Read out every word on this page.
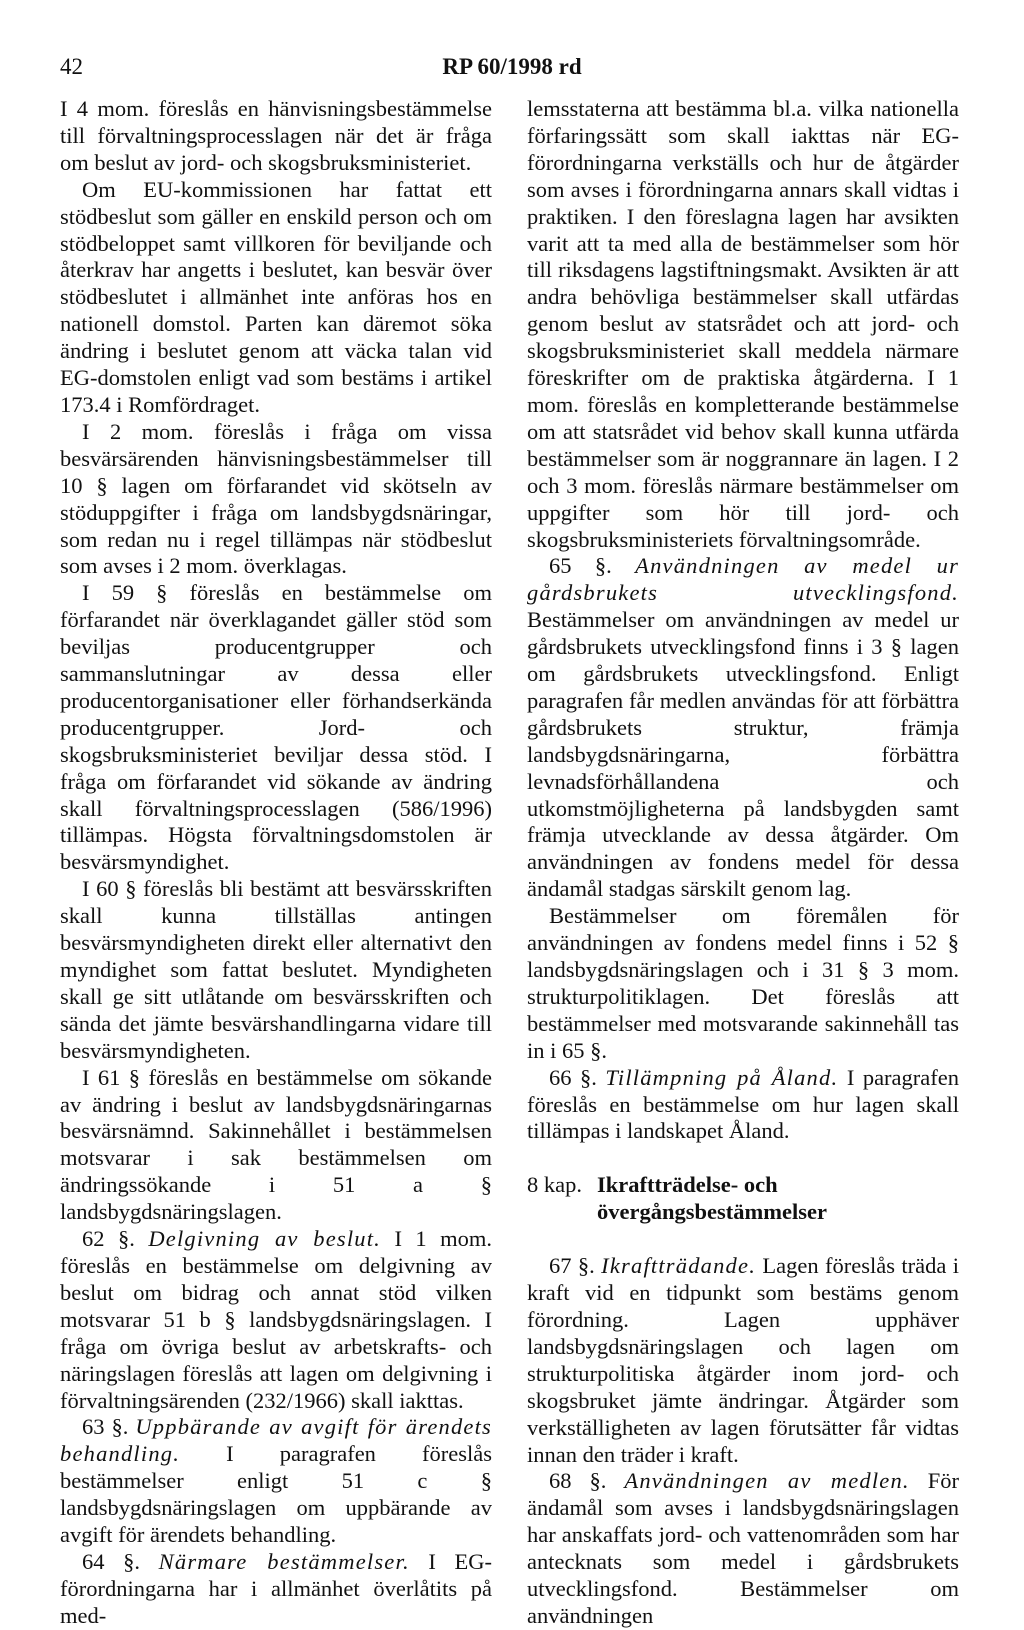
42	RP 60/1998 rd

I 4 mom. föreslås en hänvisningsbestämmelse till förvaltningsprocesslagen när det är fråga om beslut av jord- och skogsbruksministeriet.

Om EU-kommissionen har fattat ett stödbeslut som gäller en enskild person och om stödbeloppet samt villkoren för beviljande och återkrav har angetts i beslutet, kan besvär över stödbeslutet i allmänhet inte anföras hos en nationell domstol. Parten kan däremot söka ändring i beslutet genom att väcka talan vid EG-domstolen enligt vad som bestäms i artikel 173.4 i Romfördraget.

I 2 mom. föreslås i fråga om vissa besvärsärenden hänvisningsbestämmelser till 10 § lagen om förfarandet vid skötseln av stöduppgifter i fråga om landsbygdsnäringar, som redan nu i regel tillämpas när stödbeslut som avses i 2 mom. överklagas.

I 59 § föreslås en bestämmelse om förfarandet när överklagandet gäller stöd som beviljas producentgrupper och sammanslutningar av dessa eller producentorganisationer eller förhandserkända producentgrupper. Jord- och skogsbruksministeriet beviljar dessa stöd. I fråga om förfarandet vid sökande av ändring skall förvaltningsprocesslagen (586/1996) tillämpas. Högsta förvaltningsdomstolen är besvärsmyndighet.

I 60 § föreslås bli bestämt att besvärsskriften skall kunna tillställas antingen besvärsmyndigheten direkt eller alternativt den myndighet som fattat beslutet. Myndigheten skall ge sitt utlåtande om besvärsskriften och sända det jämte besvärshandlingarna vidare till besvärsmyndigheten.

I 61 § föreslås en bestämmelse om sökande av ändring i beslut av landsbygdsnäringarnas besvärsnämnd. Sakinnehållet i bestämmelsen motsvarar i sak bestämmelsen om ändringssökande i 51 a § landsbygdsnäringslagen.

62 §. Delgivning av beslut. I 1 mom. föreslås en bestämmelse om delgivning av beslut om bidrag och annat stöd vilken motsvarar 51 b § landsbygdsnäringslagen. I fråga om övriga beslut av arbetskrafts- och näringslagen föreslås att lagen om delgivning i förvaltningsärenden (232/1966) skall iakttas.

63 §. Uppbärande av avgift för ärendets behandling. I paragrafen föreslås bestämmelser enligt 51 c § landsbygdsnäringslagen om uppbärande av avgift för ärendets behandling.

64 §. Närmare bestämmelser. I EG-förordningarna har i allmänhet överlåtits på med-

lemsstaterna att bestämma bl.a. vilka nationella förfaringssätt som skall iakttas när EG-förordningarna verkställs och hur de åtgärder som avses i förordningarna annars skall vidtas i praktiken. I den föreslagna lagen har avsikten varit att ta med alla de bestämmelser som hör till riksdagens lagstiftningsmakt. Avsikten är att andra behövliga bestämmelser skall utfärdas genom beslut av statsrådet och att jord- och skogsbruksministeriet skall meddela närmare föreskrifter om de praktiska åtgärderna. I 1 mom. föreslås en kompletterande bestämmelse om att statsrådet vid behov skall kunna utfärda bestämmelser som är noggrannare än lagen. I 2 och 3 mom. föreslås närmare bestämmelser om uppgifter som hör till jord- och skogsbruksministeriets förvaltningsområde.

65 §. Användningen av medel ur gårdsbrukets utvecklingsfond. Bestämmelser om användningen av medel ur gårdsbrukets utvecklingsfond finns i 3 § lagen om gårdsbrukets utvecklingsfond. Enligt paragrafen får medlen användas för att förbättra gårdsbrukets struktur, främja landsbygdsnäringarna, förbättra levnadsförhållandena och utkomstmöjligheterna på landsbygden samt främja utvecklande av dessa åtgärder. Om användningen av fondens medel för dessa ändamål stadgas särskilt genom lag.

Bestämmelser om föremålen för användningen av fondens medel finns i 52 § landsbygdsnäringslagen och i 31 § 3 mom. strukturpolitiklagen. Det föreslås att bestämmelser med motsvarande sakinnehåll tas in i 65 §.

66 §. Tillämpning på Åland. I paragrafen föreslås en bestämmelse om hur lagen skall tillämpas i landskapet Åland.

8 kap. Ikraftträdelse- och övergångsbestämmelser

67 §. Ikraftträdande. Lagen föreslås träda i kraft vid en tidpunkt som bestäms genom förordning. Lagen upphäver landsbygdsnäringslagen och lagen om strukturpolitiska åtgärder inom jord- och skogsbruket jämte ändringar. Åtgärder som verkställigheten av lagen förutsätter får vidtas innan den träder i kraft.

68 §. Användningen av medlen. För ändamål som avses i landsbygdsnäringslagen har anskaffats jord- och vattenområden som har antecknats som medel i gårdsbrukets utvecklingsfond. Bestämmelser om användningen
